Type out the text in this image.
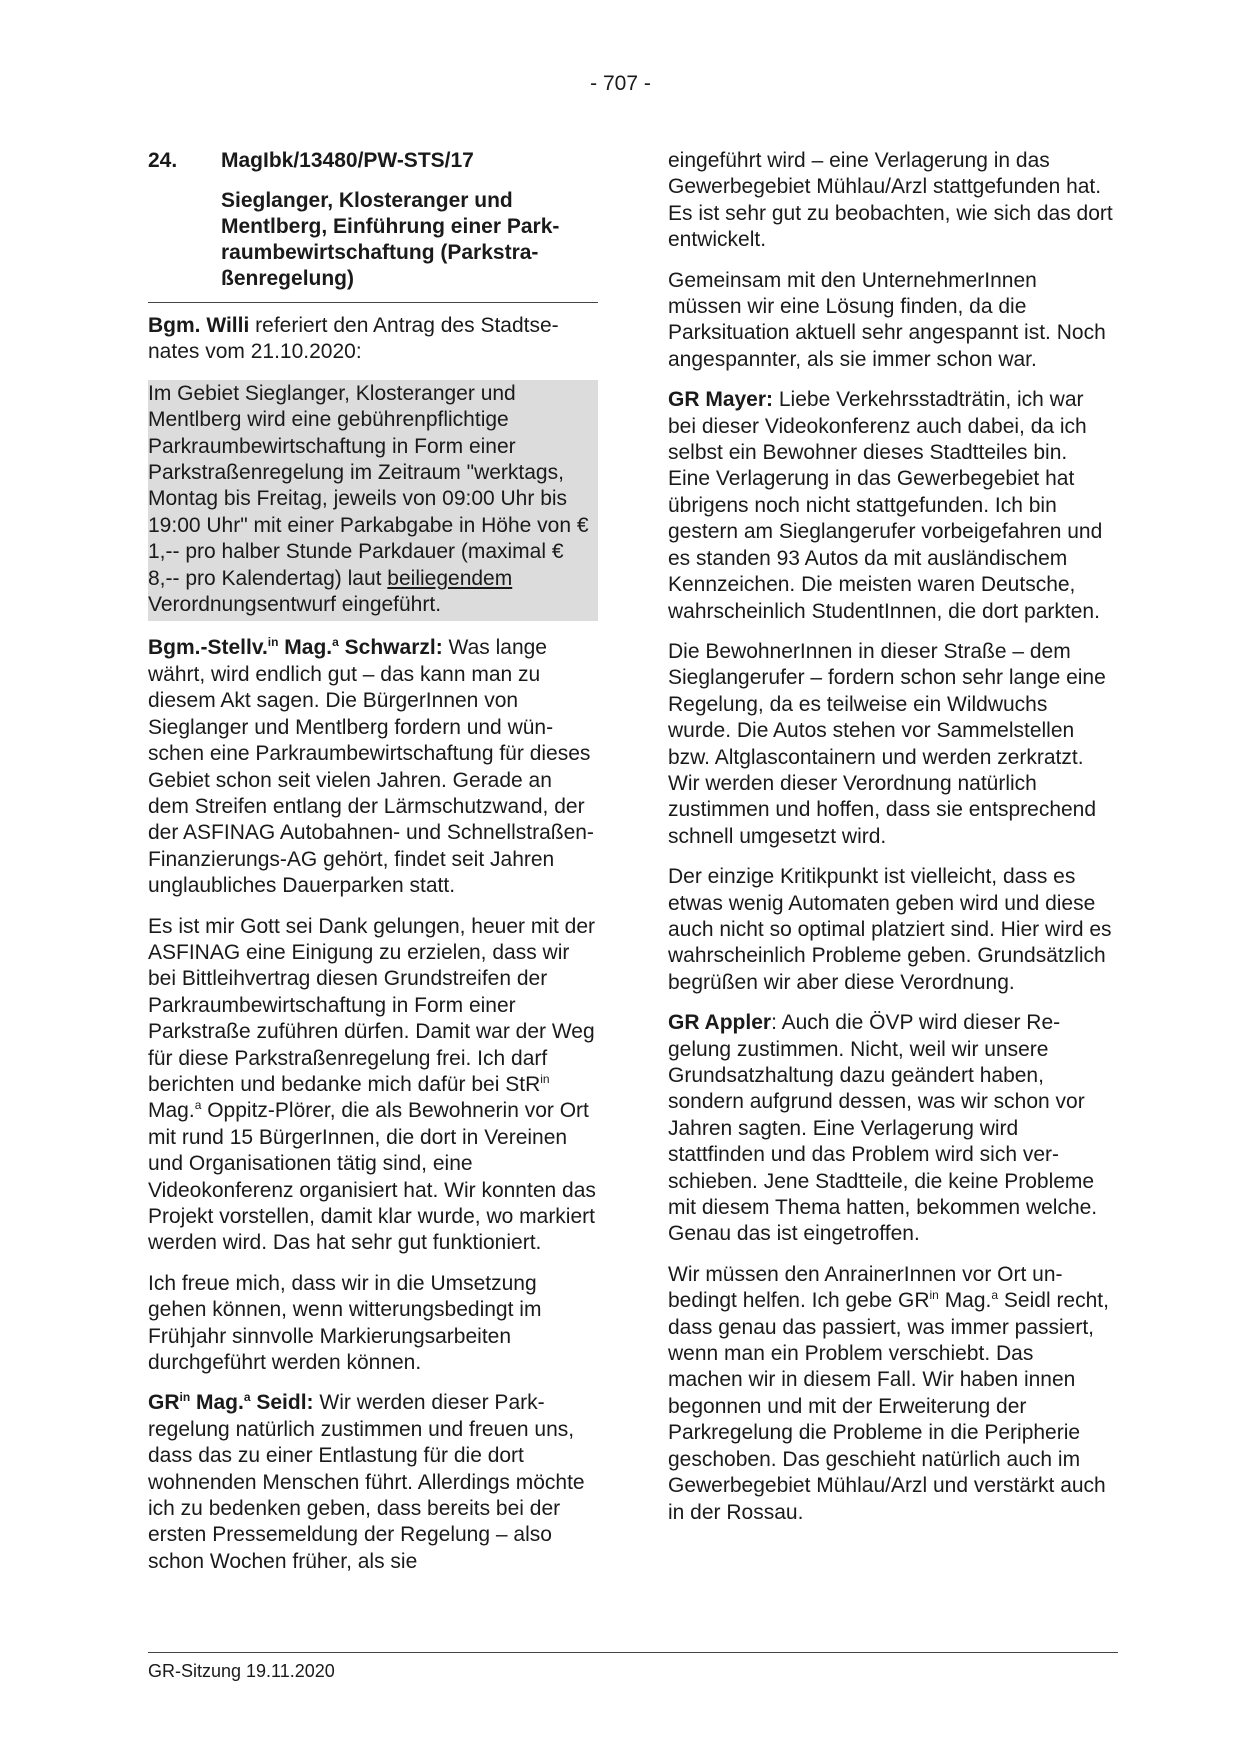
- 707 -
24.	MagIbk/13480/PW-STS/17
Sieglanger, Klosteranger und Mentlberg, Einführung einer Parkraumbewirtschaftung (Parkstraßenregelung)

Bgm. Willi referiert den Antrag des Stadtsenates vom 21.10.2020:

Im Gebiet Sieglanger, Klosteranger und Mentlberg wird eine gebührenpflichtige Parkraumbewirtschaftung in Form einer Parkstraßenregelung im Zeitraum "werktags, Montag bis Freitag, jeweils von 09:00 Uhr bis 19:00 Uhr" mit einer Parkabgabe in Höhe von € 1,-- pro halber Stunde Parkdauer (maximal € 8,-- pro Kalendertag) laut beiliegendem Verordnungsentwurf eingeführt.

Bgm.-Stellv.$^{in}$ Mag.$^a$ Schwarzl: Was lange währt, wird endlich gut – das kann man zu diesem Akt sagen. Die BürgerInnen von Sieglanger und Mentlberg fordern und wünschen eine Parkraumbewirtschaftung für dieses Gebiet schon seit vielen Jahren. Gerade an dem Streifen entlang der Lärmschutzwand, der der ASFINAG Autobahnen- und Schnellstraßen-Finanzierungs-AG gehört, findet seit Jahren unglaubliches Dauerparken statt.

Es ist mir Gott sei Dank gelungen, heuer mit der ASFINAG eine Einigung zu erzielen, dass wir bei Bittleihvertrag diesen Grundstreifen der Parkraumbewirtschaftung in Form einer Parkstraße zuführen dürfen. Damit war der Weg für diese Parkstraßenregelung frei. Ich darf berichten und bedanke mich dafür bei StR$^{in}$ Mag.$^a$ Oppitz-Plörer, die als Bewohnerin vor Ort mit rund 15 BürgerInnen, die dort in Vereinen und Organisationen tätig sind, eine Videokonferenz organisiert hat. Wir konnten das Projekt vorstellen, damit klar wurde, wo markiert werden wird. Das hat sehr gut funktioniert.

Ich freue mich, dass wir in die Umsetzung gehen können, wenn witterungsbedingt im Frühjahr sinnvolle Markierungsarbeiten durchgeführt werden können.

$GR^{in}$ Mag.$^a$ Seidl: Wir werden dieser Parkregelung natürlich zustimmen und freuen uns, dass das zu einer Entlastung für die dort wohnenden Menschen führt. Allerdings möchte ich zu bedenken geben, dass bereits bei der ersten Pressemeldung der Regelung – also schon Wochen früher, als sie

eingeführt wird – eine Verlagerung in das Gewerbegebiet Mühlau/Arzl stattgefunden hat. Es ist sehr gut zu beobachten, wie sich das dort entwickelt.

Gemeinsam mit den UnternehmerInnen müssen wir eine Lösung finden, da die Parksituation aktuell sehr angespannt ist. Noch angespannter, als sie immer schon war.

GR Mayer: Liebe Verkehrsstadträtin, ich war bei dieser Videokonferenz auch dabei, da ich selbst ein Bewohner dieses Stadtteiles bin. Eine Verlagerung in das Gewerbegebiet hat übrigens noch nicht stattgefunden. Ich bin gestern am Sieglangerufer vorbeigefahren und es standen 93 Autos da mit ausländischem Kennzeichen. Die meisten waren Deutsche, wahrscheinlich StudentInnen, die dort parkten.

Die BewohnerInnen in dieser Straße – dem Sieglangerufer – fordern schon sehr lange eine Regelung, da es teilweise ein Wildwuchs wurde. Die Autos stehen vor Sammelstellen bzw. Altglascontainern und werden zerkratzt. Wir werden dieser Verordnung natürlich zustimmen und hoffen, dass sie entsprechend schnell umgesetzt wird.

Der einzige Kritikpunkt ist vielleicht, dass es etwas wenig Automaten geben wird und diese auch nicht so optimal platziert sind. Hier wird es wahrscheinlich Probleme geben. Grundsätzlich begrüßen wir aber diese Verordnung.

GR Appler: Auch die ÖVP wird dieser Regelung zustimmen. Nicht, weil wir unsere Grundsatzhaltung dazu geändert haben, sondern aufgrund dessen, was wir schon vor Jahren sagten. Eine Verlagerung wird stattfinden und das Problem wird sich verschieben. Jene Stadtteile, die keine Probleme mit diesem Thema hatten, bekommen welche. Genau das ist eingetroffen.

Wir müssen den AnrainerInnen vor Ort unbedingt helfen. Ich gebe $GR^{in}$ Mag.$^a$ Seidl recht, dass genau das passiert, was immer passiert, wenn man ein Problem verschiebt. Das machen wir in diesem Fall. Wir haben innen begonnen und mit der Erweiterung der Parkregelung die Probleme in die Peripherie geschoben. Das geschieht natürlich auch im Gewerbegebiet Mühlau/Arzl und verstärkt auch in der Rossau.

GR-Sitzung 19.11.2020
